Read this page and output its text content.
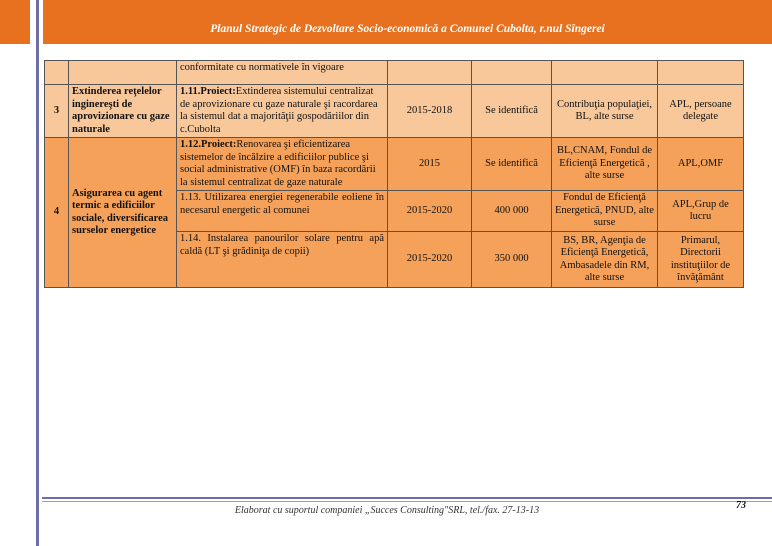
Planul Strategic de Dezvoltare Socio-economică a Comunei Cubolta, r.nul Sîngerei
		conformitate cu normativele în vigoare				
3	Extinderea reţelelor inginereşti de aprovizionare cu gaze naturale	1.11.Proiect:Extinderea sistemului centralizat de aprovizionare cu gaze naturale şi racordarea la sistemul dat a majorităţii gospodăriilor din c.Cubolta	2015-2018	Se identifică	Contribuţia populaţiei, BL, alte surse	APL, persoane delegate
4	Asigurarea cu agent termic a edificiilor sociale, diversificarea surselor energetice	1.12.Proiect:Renovarea şi eficientizarea sistemelor de încălzire a edificiilor publice şi social administrative (OMF) în baza racordării la sistemul centralizat de gaze naturale	2015	Se identifică	BL,CNAM, Fondul de Eficienţă Energetică , alte surse	APL,OMF
		1.13. Utilizarea energiei regenerabile eoliene în necesarul energetic al comunei	2015-2020	400 000	Fondul de Eficienţă Energetică, PNUD, alte surse	APL,Grup de lucru
		1.14. Instalarea panourilor solare pentru apă caldă (LT şi grădiniţa de copii)	2015-2020	350 000	BS, BR, Agenţia de Eficienţă Energetică, Ambasadele din RM, alte surse	Primarul, Directorii instituţiilor de învăţământ
Elaborat cu suportul companiei „Succes Consulting"SRL, tel./fax. 27-13-13	73
